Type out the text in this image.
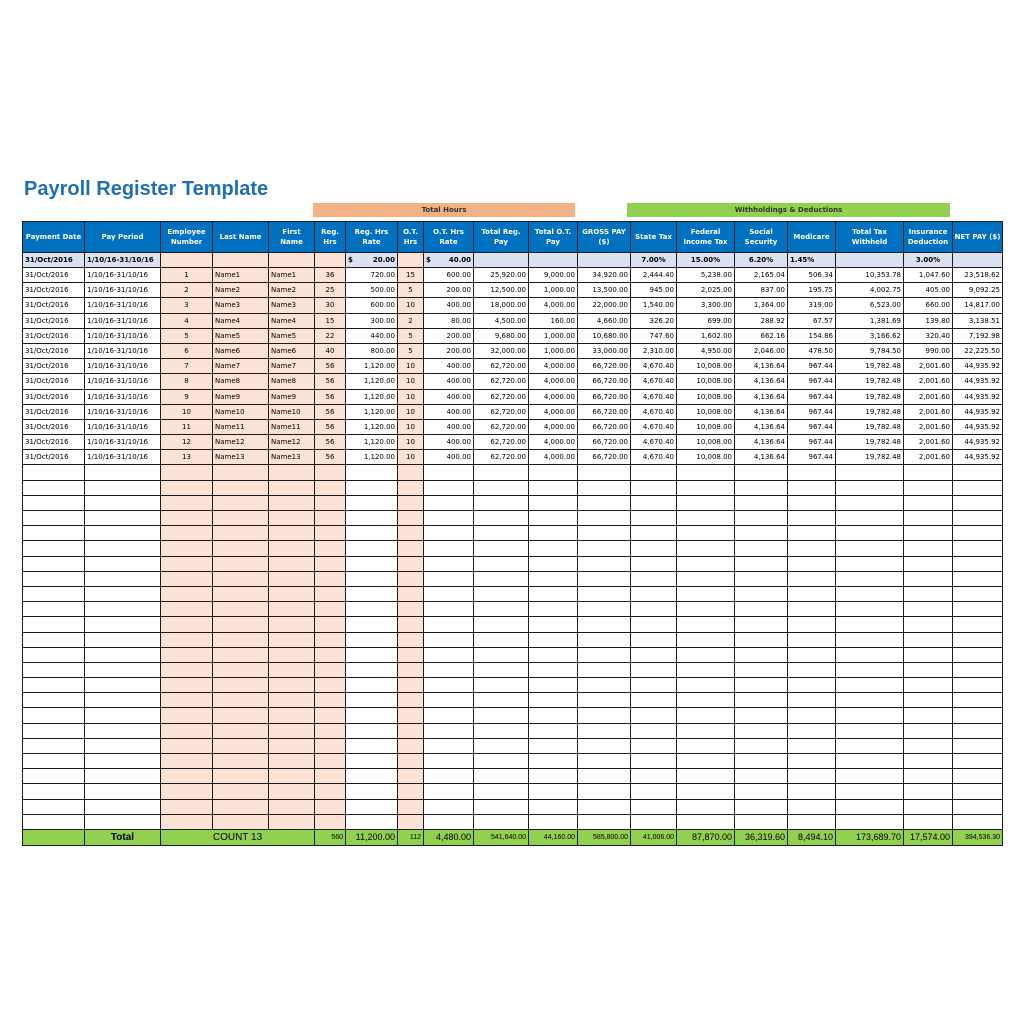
Payroll Register Template
Total Hours	Withholdings & Deductions
Payment Date	Pay Period	Employee Number	Last Name	First Name	Reg. Hrs	Reg. Hrs Rate	O.T. Hrs	O.T. Hrs Rate	Total Reg. Pay	Total O.T. Pay	GROSS PAY ($)	State Tax	Federal Income Tax	Social Security	Medicare	Total Tax Withheld	Insurance Deduction	NET PAY ($)
31/Oct/2016	1/10/16-31/10/16					$ 20.00		$ 40.00				7.00%	15.00%	6.20%	1.45%		3.00%	
31/Oct/2016	1/10/16-31/10/16	1	Name1	Name1	36	720.00	15	600.00	25,920.00	9,000.00	34,920.00	2,444.40	5,238.00	2,165.04	506.34	10,353.78	1,047.60	23,518.62
31/Oct/2016	1/10/16-31/10/16	2	Name2	Name2	25	500.00	5	200.00	12,500.00	1,000.00	13,500.00	945.00	2,025.00	837.00	195.75	4,002.75	405.00	9,092.25
31/Oct/2016	1/10/16-31/10/16	3	Name3	Name3	30	600.00	10	400.00	18,000.00	4,000.00	22,000.00	1,540.00	3,300.00	1,364.00	319.00	6,523.00	660.00	14,817.00
31/Oct/2016	1/10/16-31/10/16	4	Name4	Name4	15	300.00	2	80.00	4,500.00	160.00	4,660.00	326.20	699.00	288.92	67.57	1,381.69	139.80	3,138.51
31/Oct/2016	1/10/16-31/10/16	5	Name5	Name5	22	440.00	5	200.00	9,680.00	1,000.00	10,680.00	747.60	1,602.00	662.16	154.86	3,166.62	320.40	7,192.98
31/Oct/2016	1/10/16-31/10/16	6	Name6	Name6	40	800.00	5	200.00	32,000.00	1,000.00	33,000.00	2,310.00	4,950.00	2,046.00	478.50	9,784.50	990.00	22,225.50
31/Oct/2016	1/10/16-31/10/16	7	Name7	Name7	56	1,120.00	10	400.00	62,720.00	4,000.00	66,720.00	4,670.40	10,008.00	4,136.64	967.44	19,782.48	2,001.60	44,935.92
31/Oct/2016	1/10/16-31/10/16	8	Name8	Name8	56	1,120.00	10	400.00	62,720.00	4,000.00	66,720.00	4,670.40	10,008.00	4,136.64	967.44	19,782.48	2,001.60	44,935.92
31/Oct/2016	1/10/16-31/10/16	9	Name9	Name9	56	1,120.00	10	400.00	62,720.00	4,000.00	66,720.00	4,670.40	10,008.00	4,136.64	967.44	19,782.48	2,001.60	44,935.92
31/Oct/2016	1/10/16-31/10/16	10	Name10	Name10	56	1,120.00	10	400.00	62,720.00	4,000.00	66,720.00	4,670.40	10,008.00	4,136.64	967.44	19,782.48	2,001.60	44,935.92
31/Oct/2016	1/10/16-31/10/16	11	Name11	Name11	56	1,120.00	10	400.00	62,720.00	4,000.00	66,720.00	4,670.40	10,008.00	4,136.64	967.44	19,782.48	2,001.60	44,935.92
31/Oct/2016	1/10/16-31/10/16	12	Name12	Name12	56	1,120.00	10	400.00	62,720.00	4,000.00	66,720.00	4,670.40	10,008.00	4,136.64	967.44	19,782.48	2,001.60	44,935.92
31/Oct/2016	1/10/16-31/10/16	13	Name13	Name13	56	1,120.00	10	400.00	62,720.00	4,000.00	66,720.00	4,670.40	10,008.00	4,136.64	967.44	19,782.48	2,001.60	44,935.92

	Total	COUNT 13			560	11,200.00	112	4,480.00	541,640.00	44,160.00	585,800.00	41,006.00	87,870.00	36,319.60	8,494.10	173,689.70	17,574.00	394,536.30
